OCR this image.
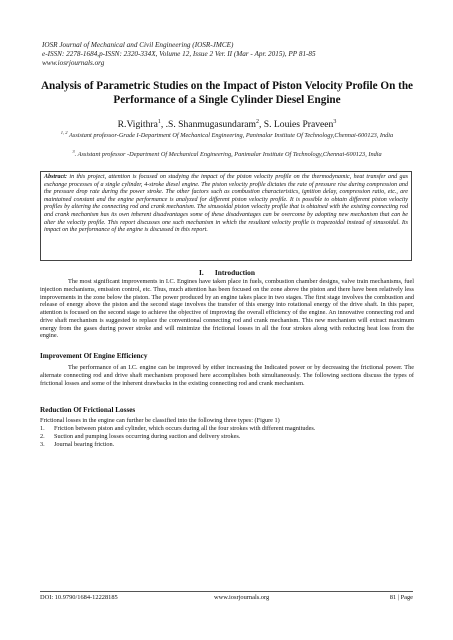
IOSR Journal of Mechanical and Civil Engineering (IOSR-JMCE)
e-ISSN: 2278-1684,p-ISSN: 2320-334X, Volume 12, Issue 2 Ver. II (Mar - Apr. 2015), PP 81-85
www.iosrjournals.org
Analysis of Parametric Studies on the Impact of Piston Velocity Profile On the Performance of a Single Cylinder Diesel Engine
R.Vigithra$^1$, .S. Shanmugasundaram$^2$, S. Louies Praveen$^3$
$^{1, 2}$ Assistant professor-Grade I-Department Of Mechanical Engineering, Panimalar Institute Of Technology,Chennai-600123, India
$^3$. Assistant professor -Department Of Mechanical Engineering, Panimalar Institute Of Technology,Chennai-600123, India
Abstract: in this project, attention is focused on studying the impact of the piston velocity profile on the thermodynamic, heat transfer and gas exchange processes of a single cylinder, 4-stroke diesel engine. The piston velocity profile dictates the rate of pressure rise during compression and the pressure drop rate during the power stroke. The other factors such as combustion characteristics, ignition delay, compression ratio, etc., are maintained constant and the engine performance is analyzed for different piston velocity profile. It is possible to obtain different piston velocity profiles by altering the connecting rod and crank mechanism. The sinusoidal piston velocity profile that is obtained with the existing connecting rod and crank mechanism has its own inherent disadvantages some of these disadvantages can be overcome by adopting new mechanism that can be alter the velocity profile. This report discusses one such mechanism in which the resultant velocity profile is trapezoidal instead of sinusoidal. Its impact on the performance of the engine is discussed in this report.
I.      Introduction
The most significant improvements in I.C. Engines have taken place in fuels, combustion chamber designs, valve train mechanisms, fuel injection mechanisms, emission control, etc. Thus, much attention has been focused on the zone above the piston and there have been relatively less improvements in the zone below the piston. The power produced by an engine takes place in two stages. The first stage involves the combustion and release of energy above the piston and the second stage involves the transfer of this energy into rotational energy of the drive shaft. In this paper, attention is focused on the second stage to achieve the objective of improving the overall efficiency of the engine. An innovative connecting rod and drive shaft mechanism is suggested to replace the conventional connecting rod and crank mechanism. This new mechanism will extract maximum energy from the gases during power stroke and will minimize the frictional losses in all the four strokes along with reducing heat loss from the engine.
Improvement Of Engine Efficiency
The performance of an I.C. engine can be improved by either increasing the Indicated power or by decreasing the frictional power. The alternate connecting rod and drive shaft mechanism proposed here accomplishes both simultaneously. The following sections discuss the types of frictional losses and some of the inherent drawbacks in the existing connecting rod and crank mechanism.
Reduction Of Frictional Losses
Frictional losses in the engine can further be classified into the following three types: (Figure 1)
1.	Friction between piston and cylinder, which occurs during all the four strokes with different magnitudes.
2.	Suction and pumping losses occurring during suction and delivery strokes.
3.	Journal bearing friction.
DOI: 10.9790/1684-12228185	www.iosrjournals.org	81 | Page
